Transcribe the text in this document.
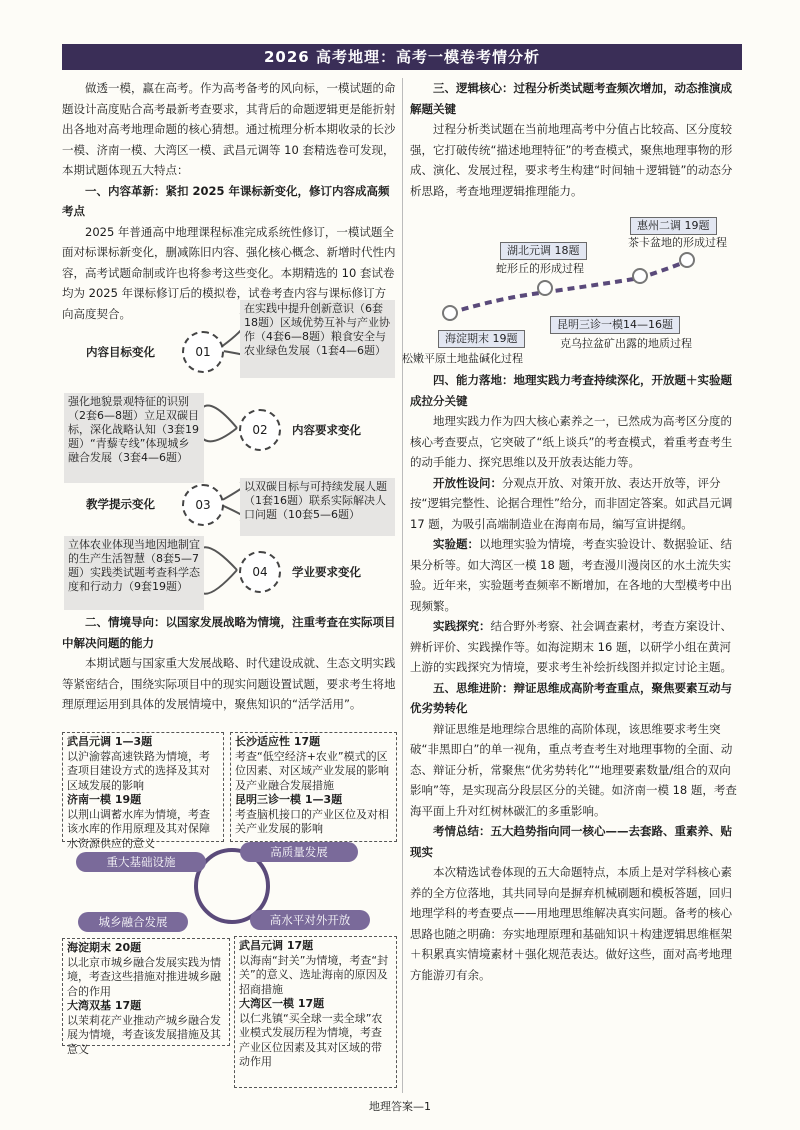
2026 高考地理：高考一模卷考情分析

做透一模，赢在高考。作为高考备考的风向标，一模试题的命题设计高度贴合高考最新考查要求，其背后的命题逻辑更是能折射出各地对高考地理命题的核心猜想。通过梳理分析本期收录的长沙一模、济南一模、大湾区一模、武昌元调等 10 套精选卷可发现，本期试题体现五大特点：

一、内容革新：紧扣 2025 年课标新变化，修订内容成高频考点

2025 年普通高中地理课程标准完成系统性修订，一模试题全面对标课标新变化，删减陈旧内容、强化核心概念、新增时代性内容，高考试题命制或许也将参考这些变化。本期精选的 10 套试卷均为 2025 年课标修订后的模拟卷，试卷考查内容与课标修订方向高度契合。	在实践中提升创新意识（6套18题）区域优势互补与产业协作（4套6—8题）粮食安全与农业绿色发展（1套4—6题）
01
内容目标变化
强化地貌景观特征的识别（2套6—8题）立足双碳目标，深化战略认知（3套19题）“青藜专线”体现城乡融合发展（3套4—6题）
02	内容要求变化
以双碳目标与可持续发展人题（1套16题）联系实际解决人口问题（10套5—6题）
03
教学提示变化
立体农业体现当地因地制宜的生产生活智慧（8套5—7题）实践类试题考查科学态度和行动力（9套19题）
04	学业要求变化

二、情境导向：以国家发展战略为情境，注重考查在实际项目中解决问题的能力

本期试题与国家重大发展战略、时代建设成就、生态文明实践等紧密结合，围绕实际项目中的现实问题设置试题，要求考生将地理原理运用到具体的发展情境中，聚焦知识的“活学活用”。

武昌元调 1—3题
以沪渝蓉高速铁路为情境，考查项目建设方式的选择及其对区域发展的影响
济南一模 19题
以荆山调蓄水库为情境，考查该水库的作用原理及其对保障水资源供应的意义
长沙适应性 17题
考查“低空经济+农业”模式的区位因素、对区域产业发展的影响及产业融合发展措施
昆明三诊一模 1—3题
考查脑机接口的产业区位及对相关产业发展的影响
重大基础设施
高质量发展
城乡融合发展	高水平对外开放
海淀期末 20题
以北京市城乡融合发展实践为情境，考查这些措施对推进城乡融合的作用
大湾双基 17题
以茉莉花产业推动产城乡融合发展为情境，考查该发展措施及其意义
武昌元调 17题
以海南“封关”为情境，考查“封关”的意义、选址海南的原因及招商措施
大湾区一模 17题
以仁兆镇“买全球一卖全球”农业模式发展历程为情境，考查产业区位因素及其对区域的带动作用

三、逻辑核心：过程分析类试题考查频次增加，动态推演成解题关键

过程分析类试题在当前地理高考中分值占比较高、区分度较强，它打破传统“描述地理特征”的考查模式，聚焦地理事物的形成、演化、发展过程，要求考生构建“时间轴＋逻辑链”的动态分析思路，考查地理逻辑推理能力。

惠州二调 19题
茶卡盆地的形成过程
湖北元调 18题
蛇形丘的形成过程
海淀期末 19题
松嫩平原土地盐碱化过程
昆明三诊一模14—16题
克乌拉盆矿出露的地质过程

四、能力落地：地理实践力考查持续深化，开放题＋实验题成拉分关键

地理实践力作为四大核心素养之一，已然成为高考区分度的核心考查要点，它突破了“纸上谈兵”的考查模式，着重考查考生的动手能力、探究思维以及开放表达能力等。

开放性设问：分观点开放、对策开放、表达开放等，评分按“逻辑完整性、论据合理性”给分，而非固定答案。如武昌元调 17 题，为吸引高端制造业在海南布局，编写宣讲提纲。

实验题：以地理实验为情境，考查实验设计、数据验证、结果分析等。如大湾区一模 18 题，考查漫川漫岗区的水土流失实验。近年来，实验题考查频率不断增加，在各地的大型模考中出现频繁。

实践探究：结合野外考察、社会调查素材，考查方案设计、辨析评价、实践操作等。如海淀期末 16 题，以研学小组在黄河上游的实践探究为情境，要求考生补绘折线图并拟定讨论主题。

五、思维进阶：辩证思维成高阶考查重点，聚焦要素互动与优劣势转化

辩证思维是地理综合思维的高阶体现，该思维要求考生突破“非黑即白”的单一视角，重点考查考生对地理事物的全面、动态、辩证分析，常聚焦“优劣势转化”“地理要素数量/组合的双向影响”等，是实现高分段层区分的关键。如济南一模 18 题，考查海平面上升对红树林碳汇的多重影响。

考情总结：五大趋势指向同一核心——去套路、重素养、贴现实

本次精选试卷体现的五大命题特点，本质上是对学科核心素养的全方位落地，其共同导向是摒弃机械刷题和模板答题，回归地理学科的考查要点——用地理思维解决真实问题。备考的核心思路也随之明确：夯实地理原理和基础知识＋构建逻辑思维框架＋积累真实情境素材＋强化规范表达。做好这些，面对高考地理方能游刃有余。

地理答案—1
